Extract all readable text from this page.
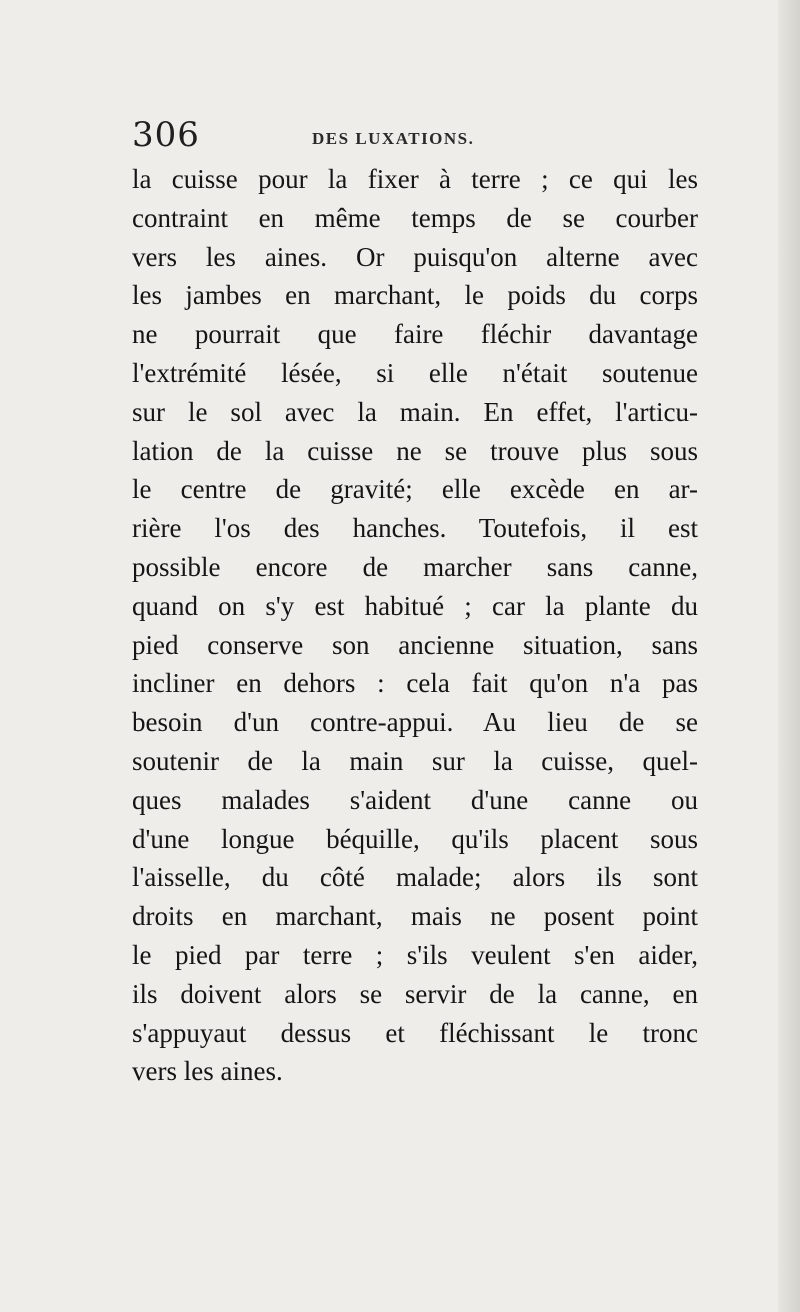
306	DES LUXATIONS.
la cuisse pour la fixer à terre ; ce qui les
contraint en même temps de se courber
vers les aines. Or puisqu'on alterne avec
les jambes en marchant, le poids du corps
ne pourrait que faire fléchir davantage
l'extrémité lésée, si elle n'était soutenue
sur le sol avec la main. En effet, l'articu-
lation de la cuisse ne se trouve plus sous
le centre de gravité; elle excède en ar-
rière l'os des hanches. Toutefois, il est
possible encore de marcher sans canne,
quand on s'y est habitué ; car la plante du
pied conserve son ancienne situation, sans
incliner en dehors : cela fait qu'on n'a pas
besoin d'un contre-appui. Au lieu de se
soutenir de la main sur la cuisse, quel-
ques malades s'aident d'une canne ou
d'une longue béquille, qu'ils placent sous
l'aisselle, du côté malade; alors ils sont
droits en marchant, mais ne posent point
le pied par terre ; s'ils veulent s'en aider,
ils doivent alors se servir de la canne, en
s'appuyaut dessus et fléchissant le tronc
vers les aines.
